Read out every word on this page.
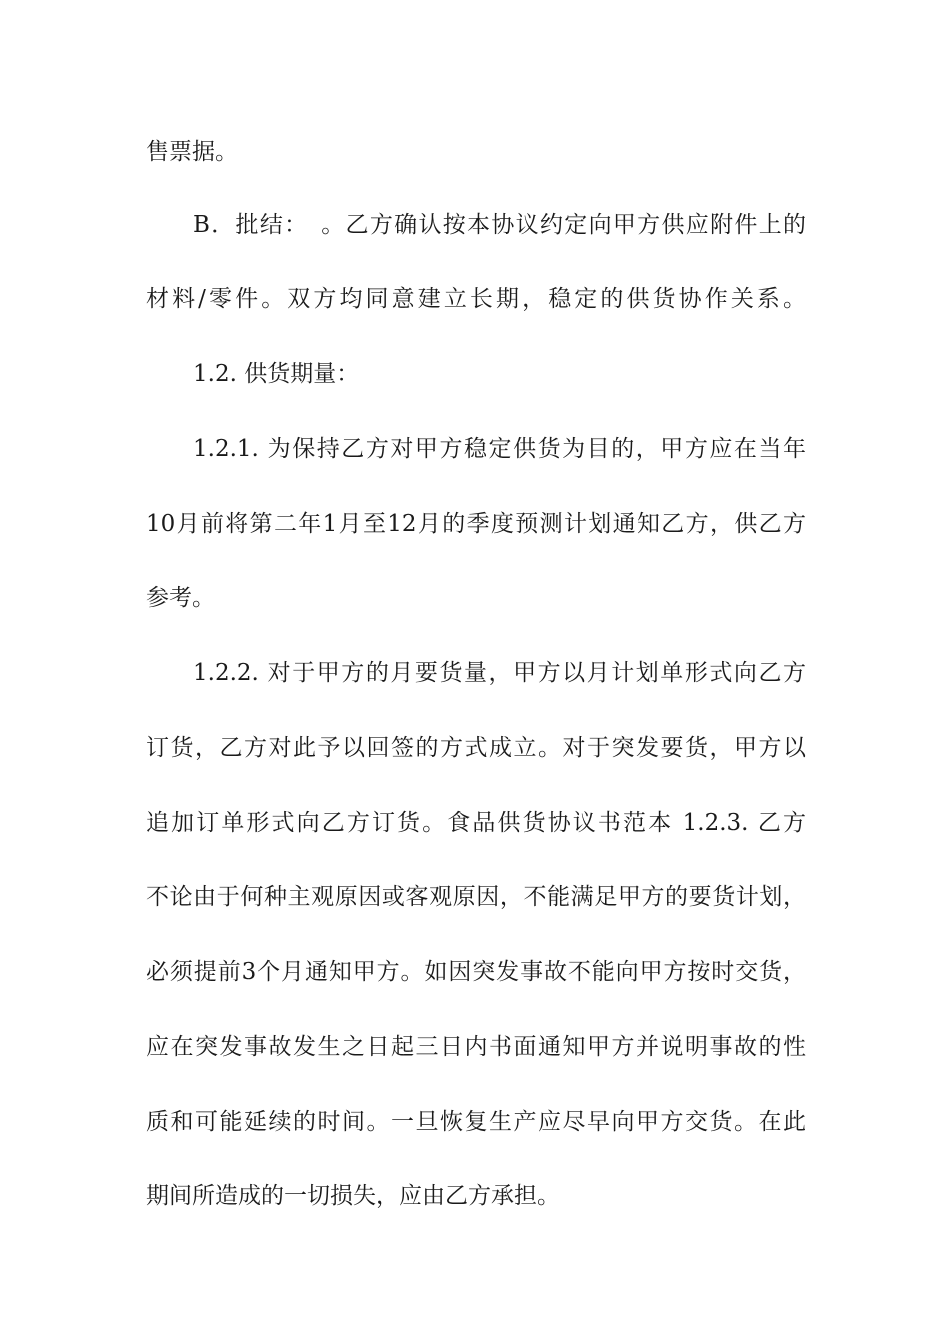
售票据。
B．批结：　。乙方确认按本协议约定向甲方供应附件上的
材料/零件。双方均同意建立长期，稳定的供货协作关系。
1.2. 供货期量：
1.2.1. 为保持乙方对甲方稳定供货为目的，甲方应在当年
10月前将第二年1月至12月的季度预测计划通知乙方，供乙方
参考。
1.2.2. 对于甲方的月要货量，甲方以月计划单形式向乙方
订货，乙方对此予以回签的方式成立。对于突发要货，甲方以
追加订单形式向乙方订货。食品供货协议书范本 1.2.3. 乙方
不论由于何种主观原因或客观原因，不能满足甲方的要货计划，
必须提前3个月通知甲方。如因突发事故不能向甲方按时交货，
应在突发事故发生之日起三日内书面通知甲方并说明事故的性
质和可能延续的时间。一旦恢复生产应尽早向甲方交货。在此
期间所造成的一切损失，应由乙方承担。
